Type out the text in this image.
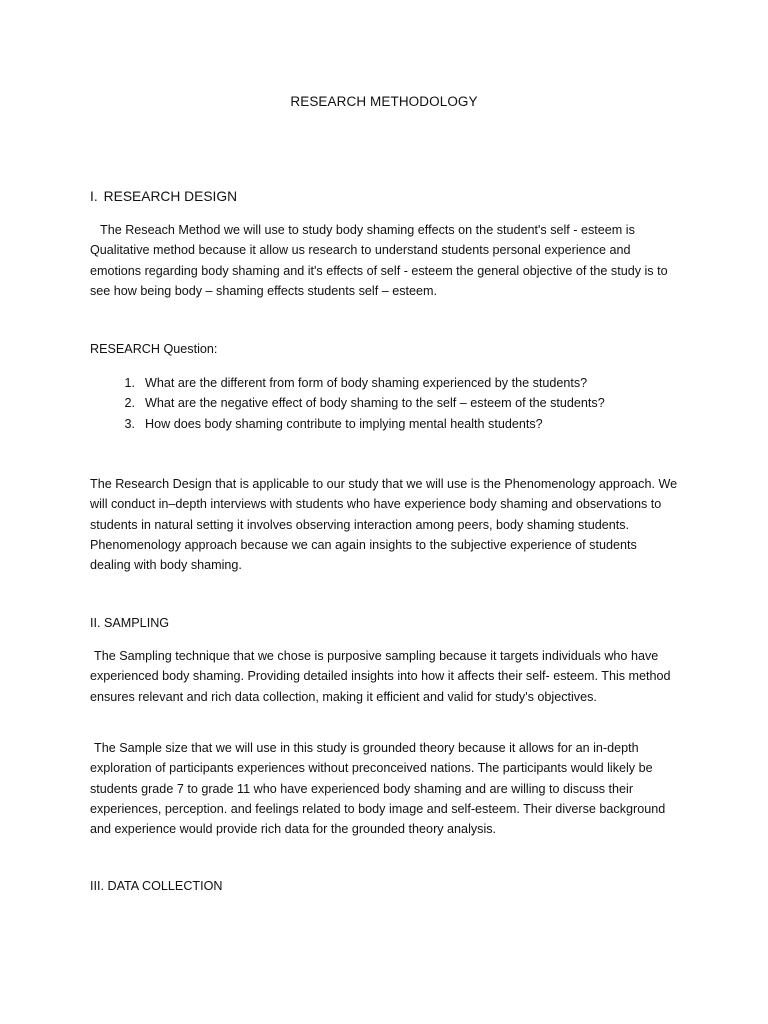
RESEARCH METHODOLOGY
I. RESEARCH DESIGN

The Reseach Method we will use to study body shaming effects on the student's self - esteem is Qualitative method because it allow us research to understand students personal experience and emotions regarding body shaming and it's effects of self - esteem the general objective of the study is to see how being body – shaming effects students self – esteem.

RESEARCH Question:
1. What are the different from form of body shaming experienced by the students?
2. What are the negative effect of body shaming to the self – esteem of the students?
3. How does body shaming contribute to implying mental health students?

The Research Design that is applicable to our study that we will use is the Phenomenology approach. We will conduct in–depth interviews with students who have experience body shaming and observations to students in natural setting it involves observing interaction among peers, body shaming students. Phenomenology approach because we can again insights to the subjective experience of students dealing with body shaming.

II. SAMPLING

The Sampling technique that we chose is purposive sampling because it targets individuals who have experienced body shaming. Providing detailed insights into how it affects their self- esteem. This method ensures relevant and rich data collection, making it efficient and valid for study's objectives.

The Sample size that we will use in this study is grounded theory because it allows for an in-depth exploration of participants experiences without preconceived nations. The participants would likely be students grade 7 to grade 11 who have experienced body shaming and are willing to discuss their experiences, perception. and feelings related to body image and self-esteem. Their diverse background and experience would provide rich data for the grounded theory analysis.

III. DATA COLLECTION
